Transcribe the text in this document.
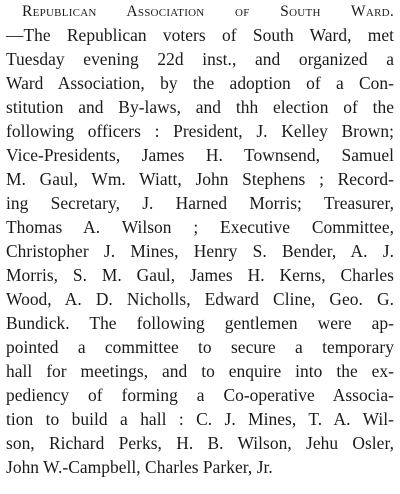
Republican Association of South Ward.
—The Republican voters of South Ward, met
Tuesday evening 22d inst., and organized a
Ward Association, by the adoption of a Con-
stitution and By-laws, and thh election of the
following officers : President, J. Kelley Brown;
Vice-Presidents, James H. Townsend, Samuel
M. Gaul, Wm. Wiatt, John Stephens ; Record-
ing Secretary, J. Harned Morris; Treasurer,
Thomas A. Wilson ; Executive Committee,
Christopher J. Mines, Henry S. Bender, A. J.
Morris, S. M. Gaul, James H. Kerns, Charles
Wood, A. D. Nicholls, Edward Cline, Geo. G.
Bundick. The following gentlemen were ap-
pointed a committee to secure a temporary
hall for meetings, and to enquire into the ex-
pediency of forming a Co-operative Associa-
tion to build a hall : C. J. Mines, T. A. Wil-
son, Richard Perks, H. B. Wilson, Jehu Osler,
John W.-Campbell, Charles Parker, Jr.
